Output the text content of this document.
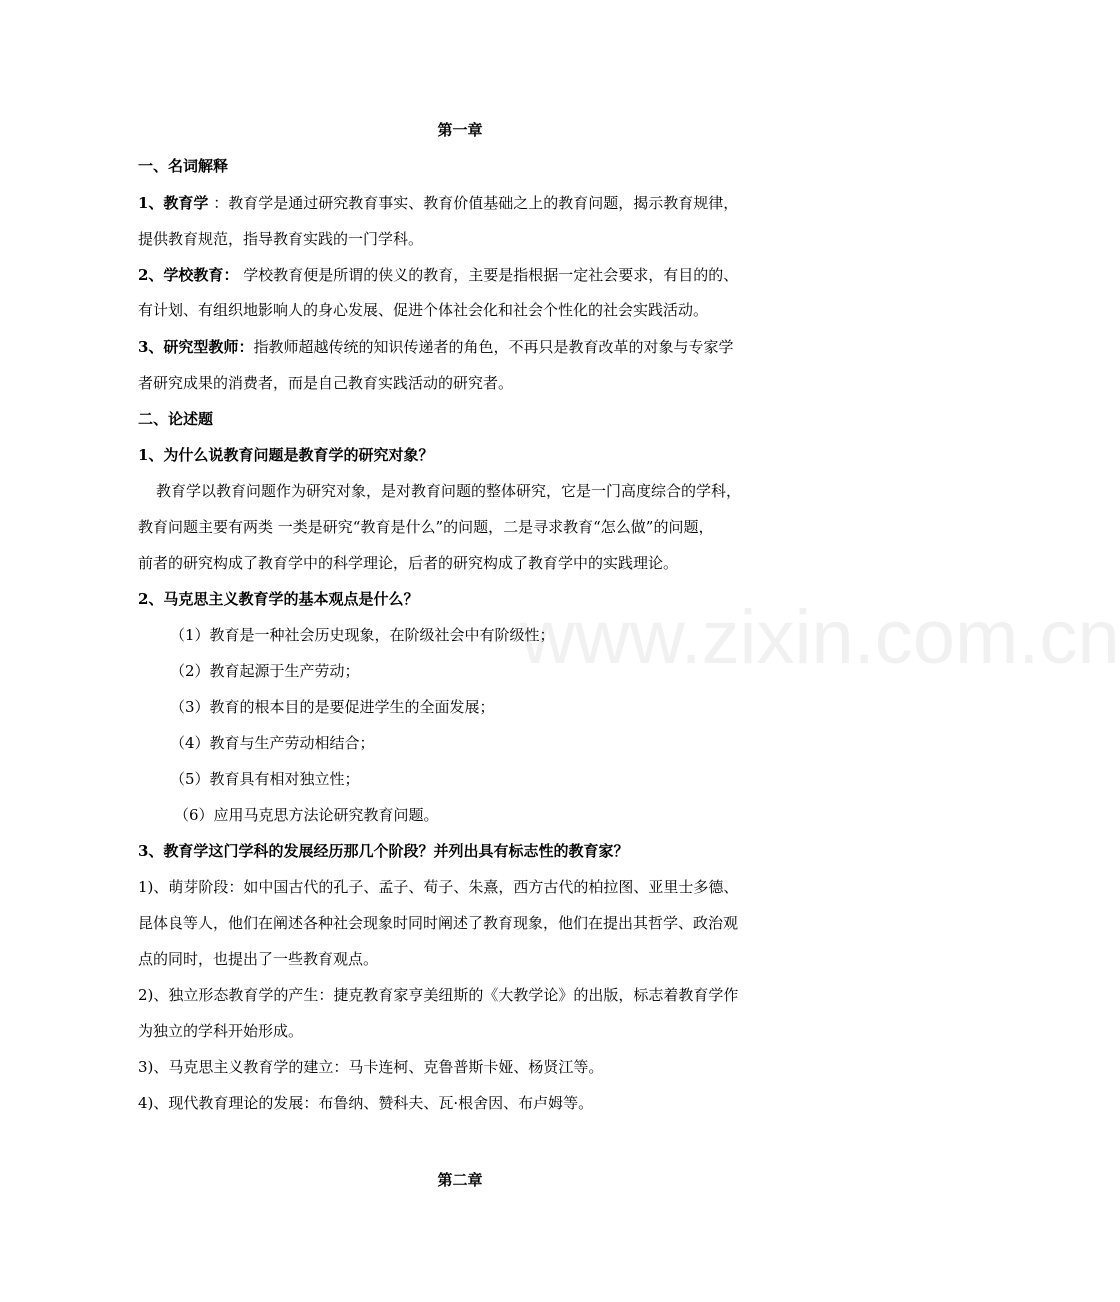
www.zixin.com.cn
第一章
一、名词解释
1、教育学 ：教育学是通过研究教育事实、教育价值基础之上的教育问题，揭示教育规律，
提供教育规范，指导教育实践的一门学科。
2、学校教育： 学校教育便是所谓的侠义的教育，主要是指根据一定社会要求，有目的的、
有计划、有组织地影响人的身心发展、促进个体社会化和社会个性化的社会实践活动。
3、研究型教师：指教师超越传统的知识传递者的角色，不再只是教育改革的对象与专家学
者研究成果的消费者，而是自己教育实践活动的研究者。
二、论述题
1、为什么说教育问题是教育学的研究对象？
教育学以教育问题作为研究对象，是对教育问题的整体研究，它是一门高度综合的学科，
教育问题主要有两类 一类是研究“教育是什么”的问题，二是寻求教育“怎么做”的问题，
前者的研究构成了教育学中的科学理论，后者的研究构成了教育学中的实践理论。
2、马克思主义教育学的基本观点是什么？
（1）教育是一种社会历史现象，在阶级社会中有阶级性；
（2）教育起源于生产劳动；
（3）教育的根本目的是要促进学生的全面发展；
（4）教育与生产劳动相结合；
（5）教育具有相对独立性；
（6）应用马克思方法论研究教育问题。
3、教育学这门学科的发展经历那几个阶段？并列出具有标志性的教育家？
1)、萌芽阶段：如中国古代的孔子、孟子、荀子、朱熹，西方古代的柏拉图、亚里士多德、
昆体良等人，他们在阐述各种社会现象时同时阐述了教育现象，他们在提出其哲学、政治观
点的同时，也提出了一些教育观点。
2)、独立形态教育学的产生：捷克教育家亨美纽斯的《大教学论》的出版，标志着教育学作
为独立的学科开始形成。
3)、马克思主义教育学的建立：马卡连柯、克鲁普斯卡娅、杨贤江等。
4)、现代教育理论的发展：布鲁纳、赞科夫、瓦·根舍因、布卢姆等。
第二章
